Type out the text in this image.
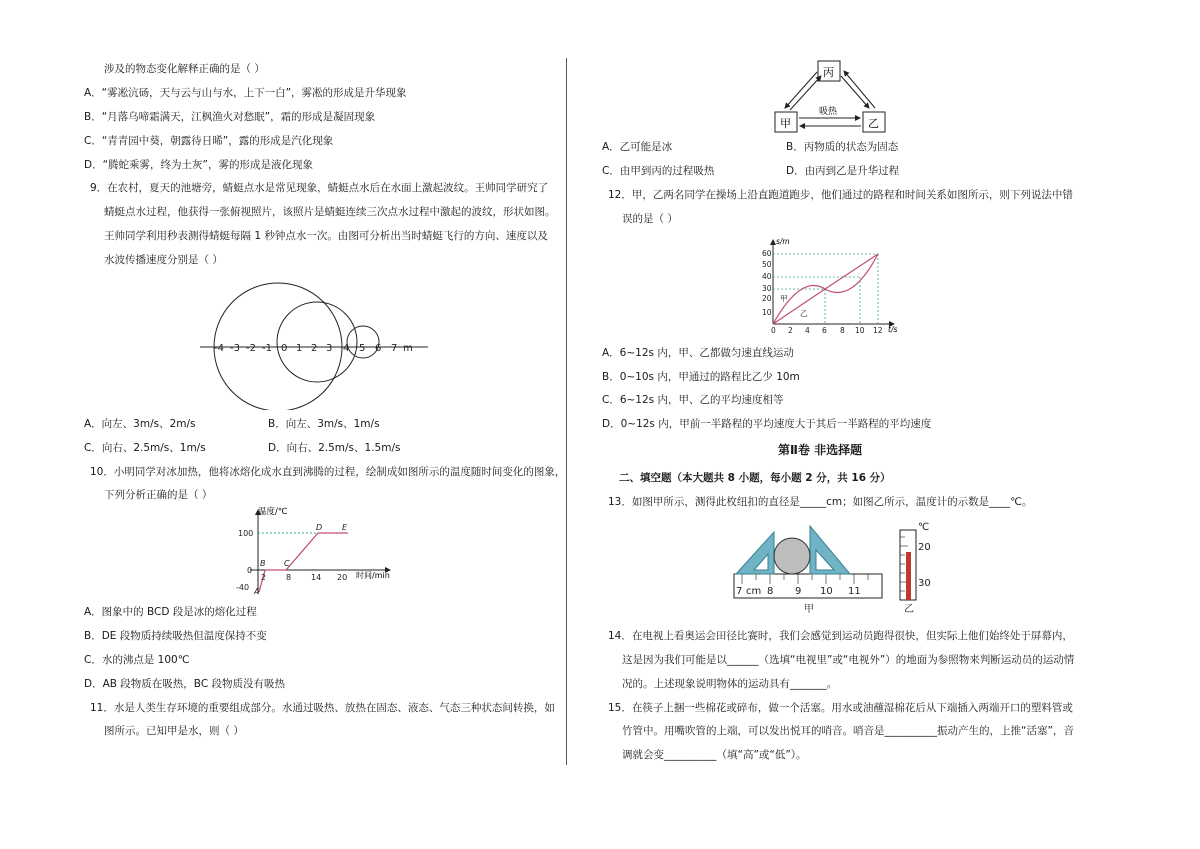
涉及的物态变化解释正确的是（ ）
A．“雾凇沆砀，天与云与山与水，上下一白”，雾凇的形成是升华现象
B．“月落乌啼霜满天，江枫渔火对愁眠”，霜的形成是凝固现象
C．“青青园中葵，朝露待日晞”，露的形成是汽化现象
D．“腾蛇乘雾，终为土灰”，雾的形成是液化现象
9．在农村，夏天的池塘旁，蜻蜓点水是常见现象，蜻蜓点水后在水面上激起波纹。王帅同学研究了
蜻蜓点水过程，他获得一张俯视照片，该照片是蜻蜓连续三次点水过程中激起的波纹，形状如图。
王帅同学利用秒表测得蜻蜓每隔 1 秒钟点水一次。由图可分析出当时蜻蜓飞行的方向、速度以及
水波传播速度分别是（ ）
-4 -3 -2 -1 0 1 2 3 4 5 6 7 m
A．向左、3m/s、2m/s	B．向左、3m/s、1m/s
C．向右、2.5m/s、1m/s	D．向右、2.5m/s、1.5m/s
10．小明同学对冰加热，他将冰熔化成水直到沸腾的过程，绘制成如图所示的温度随时间变化的图象，
下列分析正确的是（ ）
温度/℃
时间/min
100
0
-40
2 8 14 20
A
B C
D E
A．图象中的 BCD 段是冰的熔化过程
B．DE 段物质持续吸热但温度保持不变
C．水的沸点是 100℃
D．AB 段物质在吸热，BC 段物质没有吸热
11．水是人类生存环境的重要组成部分。水通过吸热、放热在固态、液态、气态三种状态间转换，如
图所示。已知甲是水，则（ ）
丙
甲	乙
吸热
A．乙可能是冰	B．丙物质的状态为固态
C．由甲到丙的过程吸热	D．由丙到乙是升华过程
12．甲，乙两名同学在操场上沿直跑道跑步，他们通过的路程和时间关系如图所示，则下列说法中错
误的是（ ）
s/m
t/s
10
20
30
40
50
60
0 2 4 6 8 10 12
甲
乙
A．6~12s 内，甲、乙都做匀速直线运动
B．0~10s 内，甲通过的路程比乙少 10m
C．6~12s 内，甲、乙的平均速度相等
D．0~12s 内，甲前一半路程的平均速度大于其后一半路程的平均速度
第Ⅱ卷 非选择题
二、填空题（本大题共 8 小题，每小题 2 分，共 16 分）
13．如图甲所示，测得此枚纽扣的直径是_____cm；如图乙所示，温度计的示数是____℃。
7 cm 8 9 10 11
甲	乙
℃
20
30
14．在电视上看奥运会田径比赛时，我们会感觉到运动员跑得很快，但实际上他们始终处于屏幕内，
这是因为我们可能是以______（选填“电视里”或“电视外”）的地面为参照物来判断运动员的运动情
况的。上述现象说明物体的运动具有_______。
15．在筷子上捆一些棉花或碎布，做一个活塞。用水或油蘸湿棉花后从下端插入两端开口的塑料管或
竹管中。用嘴吹管的上端，可以发出悦耳的哨音。哨音是__________振动产生的，上推“活塞”，音
调就会变__________（填“高”或“低”）。
